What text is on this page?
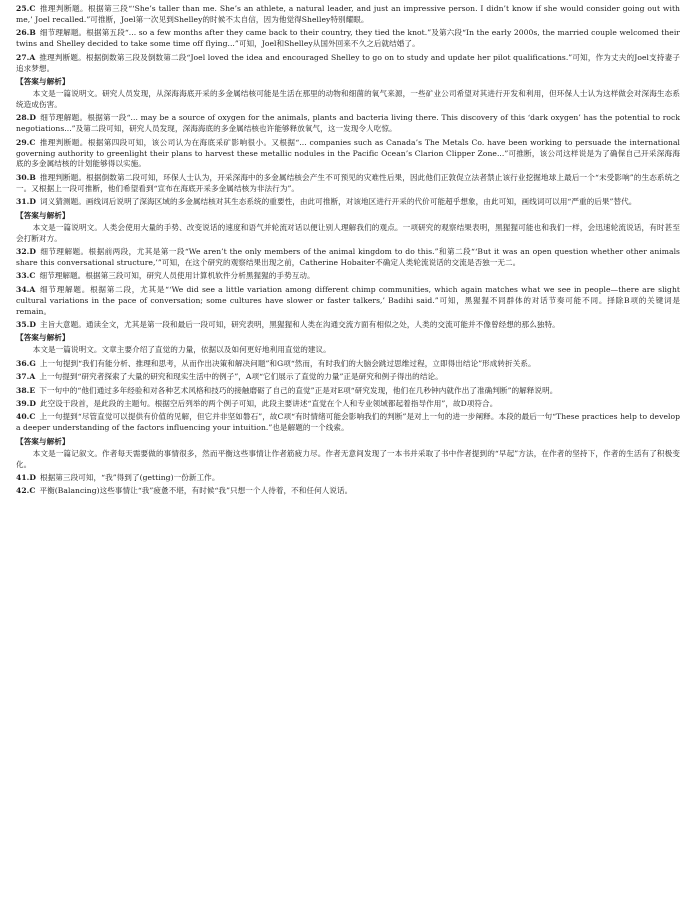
25.C 推理判断题。根据第三段“‘She’s taller than me. She’s an athlete, a natural leader, and just an impressive person. I didn’t know if she would consider going out with me,’ Joel recalled.”可推断，Joel第一次见到Shelley的时候不太自信，因为他觉得Shelley特别耀眼。
26.B 细节理解题。根据第五段“... so a few months after they came back to their country, they tied the knot.”及第六段“In the early 2000s, the married couple welcomed their twins and Shelley decided to take some time off flying...”可知，Joel和Shelley从国外回来不久之后就结婚了。
27.A 推理判断题。根据倒数第三段及倒数第二段“Joel loved the idea and encouraged Shelley to go on to study and update her pilot qualifications.”可知，作为丈夫的Joel支持妻子追求梦想。
【答案与解析】
本文是一篇说明文。研究人员发现，从深海海底开采的多金属结核可能是生活在那里的动物和细菌的氧气来源，一些矿业公司希望对其进行开发和利用，但环保人士认为这样做会对深海生态系统造成伤害。
28.D 细节理解题。根据第一段“... may be a source of oxygen for the animals, plants and bacteria living there. This discovery of this ‘dark oxygen’ has the potential to rock negotiations...”及第二段可知，研究人员发现，深海海底的多金属结核也许能够释放氧气，这一发现令人吃惊。
29.C 推理判断题。根据第四段可知，该公司认为在海底采矿影响很小。又根据“... companies such as Canada’s The Metals Co. have been working to persuade the international governing authority to greenlight their plans to harvest these metallic nodules in the Pacific Ocean’s Clarion Clipper Zone...”可推断，该公司这样说是为了确保自己开采深海海底的多金属结核的计划能够得以实施。
30.B 推理判断题。根据倒数第二段可知，环保人士认为，开采深海中的多金属结核会产生不可预见的灾难性后果，因此他们正敦促立法者禁止该行业挖掘地球上最后一个“未受影响”的生态系统之一。又根据上一段可推断，他们希望看到“宣布在海底开采多金属结核为非法行为”。
31.D 词义猜测题。画线词后说明了深海区域的多金属结核对其生态系统的重要性，由此可推断，对该地区进行开采的代价可能超乎想象，由此可知，画线词可以用“严重的后果”替代。
【答案与解析】
本文是一篇说明文。人类会使用大量的手势、改变说话的速度和语气并轮流对话以便让别人理解我们的观点。一项研究的观察结果表明，黑猩猩可能也和我们一样，会迅速轮流说话，有时甚至会打断对方。
32.D 细节理解题。根据前两段，尤其是第一段“We aren’t the only members of the animal kingdom to do this.”和第二段“‘But it was an open question whether other animals share this conversational structure,’”可知，在这个研究的观察结果出现之前，Catherine Hobaiter不确定人类轮流说话的交流是否独一无二。
33.C 细节理解题。根据第三段可知，研究人员使用计算机软件分析黑猩猩的手势互动。
34.A 细节理解题。根据第二段，尤其是“‘We did see a little variation among different chimp communities, which again matches what we see in people—there are slight cultural variations in the pace of conversation; some cultures have slower or faster talkers,’ Badihi said.”可知，黑猩猩不同群体的对话节奏可能不同。择除B项的关键词是remain。
35.D 主旨大意题。通读全文，尤其是第一段和最后一段可知，研究表明，黑猩猩和人类在沟通交流方面有相似之处，人类的交流可能并不像曾经想的那么独特。
【答案与解析】
本文是一篇说明文。文章主要介绍了直觉的力量，依据以及如何更好地利用直觉的建议。
36.G 上一句提到“我们有能分析、推理和思考，从而作出决策和解决问题”和G项“然而，有时我们的大脑会跳过思维过程，立即得出结论”形成转折关系。
37.A 上一句提到“研究者探索了大量的研究和现实生活中的例子”，A项“它们展示了直觉的力量”正是研究和例子得出的结论。
38.E 下一句中的“他们通过多年经验和对各种艺术风格和技巧的接触磨砺了自己的直觉”正是对E项“研究发现，他们在几秒钟内就作出了准确判断”的解释说明。
39.D 此空设于段首，是此段的主题句。根据空后列举的两个例子可知，此段主要讲述“直觉在个人和专业领域都起着指导作用”，故D项符合。
40.C 上一句提到“尽管直觉可以提供有价值的见解，但它并非坚如磐石”，故C项“有时情绪可能会影响我们的判断”是对上一句的进一步阐释。本段的最后一句“These practices help to develop a deeper understanding of the factors influencing your intuition.”也是解题的一个线索。
【答案与解析】
本文是一篇记叙文。作者每天需要做的事情很多，然而平衡这些事情让作者筋疲力尽。作者无意间发现了一本书并采取了书中作者提到的“早起”方法，在作者的坚持下，作者的生活有了积极变化。
41.D 根据第三段可知，“我”得到了(getting)一份新工作。
42.C 平衡(Balancing)这些事情让“我”疲惫不堪，有时候“我”只想一个人待着，不和任何人说话。
